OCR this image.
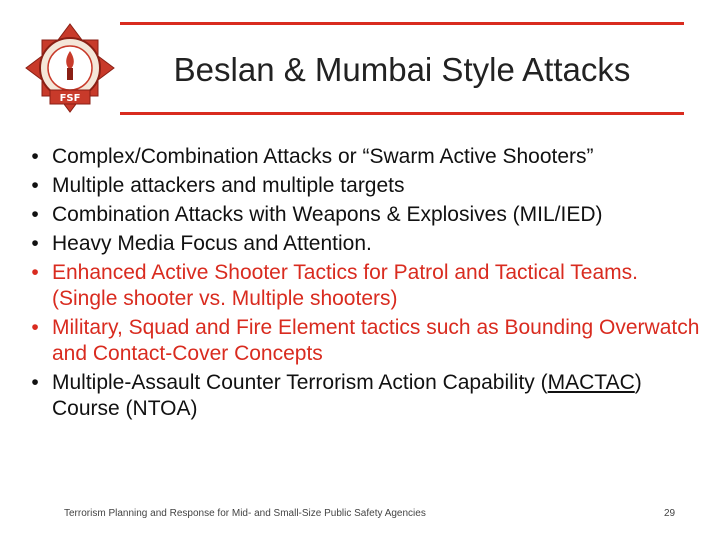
FSF
Beslan & Mumbai Style Attacks
• Complex/Combination Attacks or “Swarm Active Shooters”
• Multiple attackers and multiple targets
• Combination Attacks with Weapons & Explosives (MIL/IED)
• Heavy Media Focus and Attention.
• Enhanced Active Shooter Tactics for Patrol and Tactical Teams. (Single shooter vs. Multiple shooters)
• Military, Squad and Fire Element tactics such as Bounding Overwatch and Contact-Cover Concepts
• Multiple-Assault Counter Terrorism Action Capability (MACTAC) Course (NTOA)
Terrorism Planning and Response for Mid- and Small-Size Public Safety Agencies	29
